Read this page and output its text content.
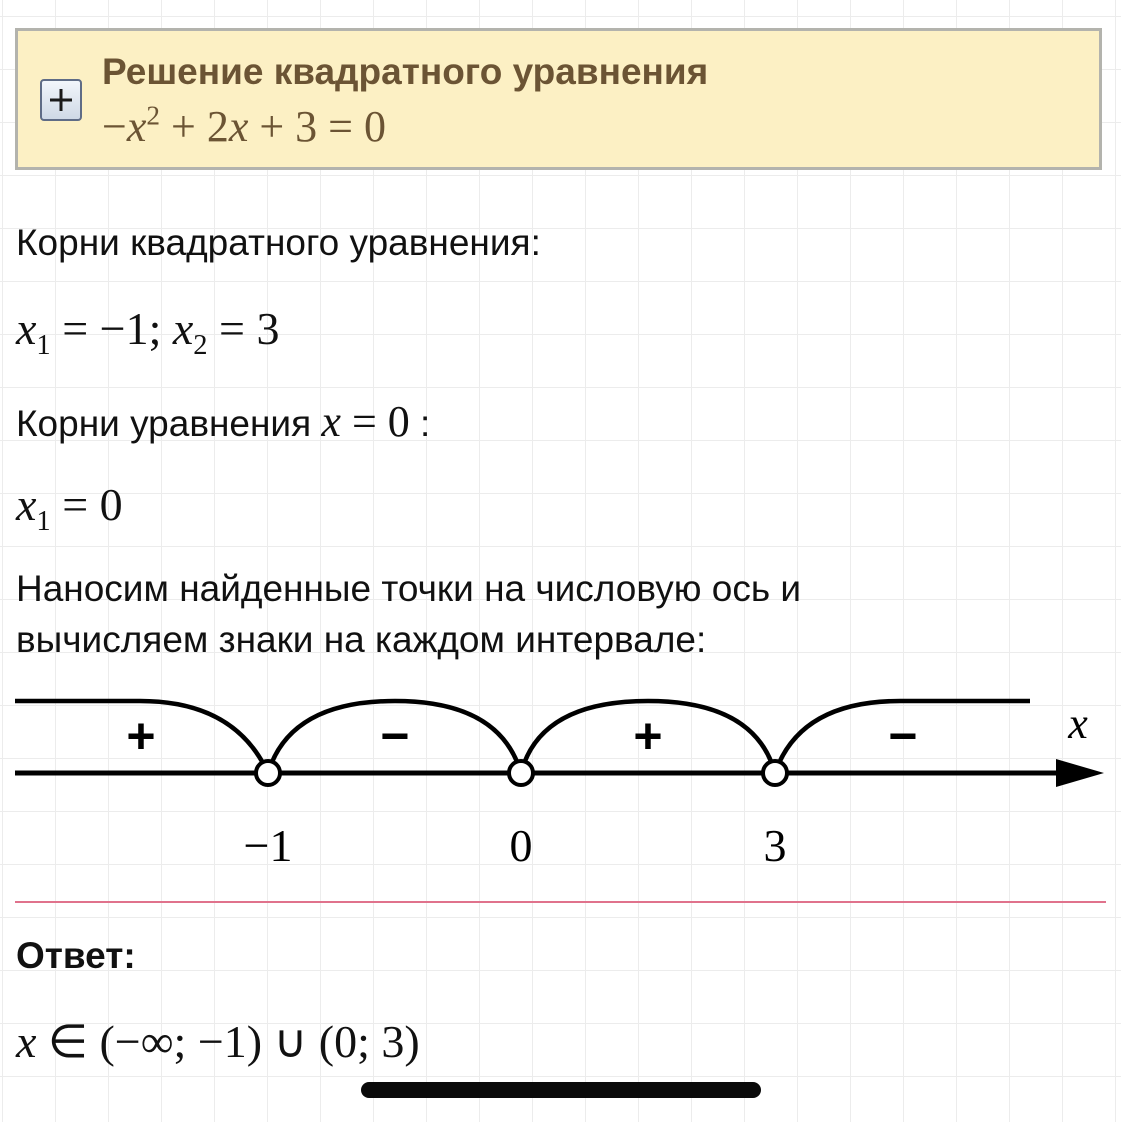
Решение квадратного уравнения
$-x^2 + 2x + 3 = 0$
Корни квадратного уравнения:
$x_1 = -1$; $x_2 = 3$
Корни уравнения x = 0 :
$x_1 = 0$
Наносим найденные точки на числовую ось и
вычисляем знаки на каждом интервале:
x
+	−	+	−
−1	0	3
Ответ:
x ∈ (−∞; −1) ∪ (0; 3)
